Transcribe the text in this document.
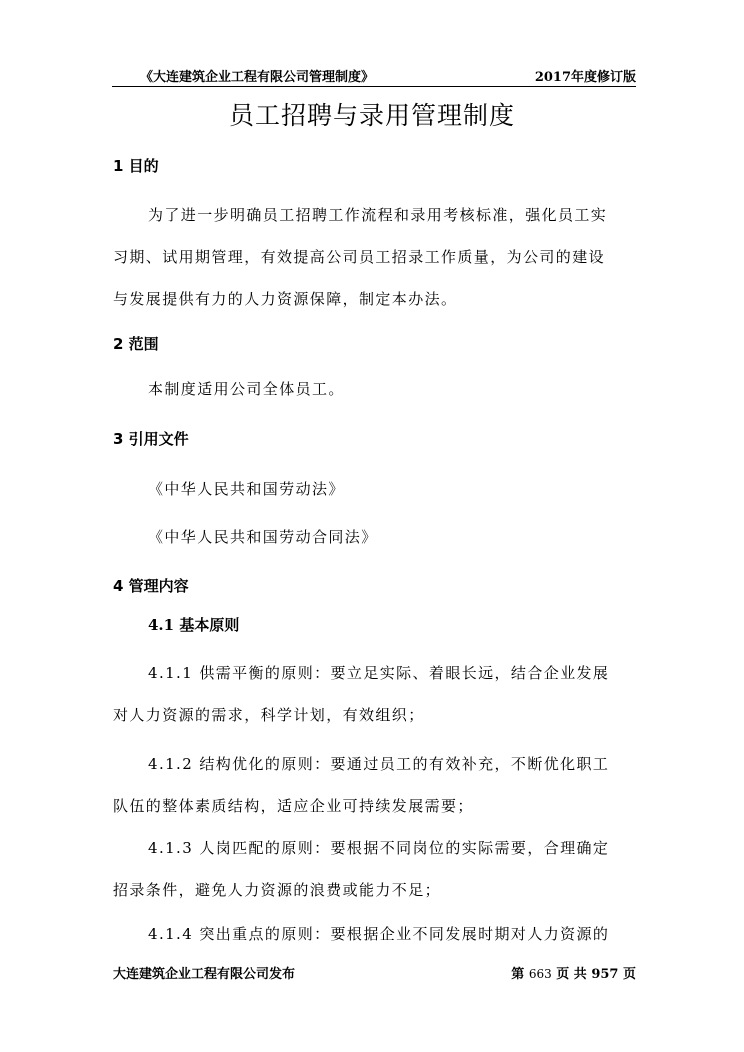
《大连建筑企业工程有限公司管理制度》	2017年度修订版
员工招聘与录用管理制度
1 目的
为了进一步明确员工招聘工作流程和录用考核标准，强化员工实
习期、试用期管理，有效提高公司员工招录工作质量，为公司的建设
与发展提供有力的人力资源保障，制定本办法。
2 范围
本制度适用公司全体员工。
3 引用文件
《中华人民共和国劳动法》
《中华人民共和国劳动合同法》
4 管理内容
4.1 基本原则
4.1.1 供需平衡的原则：要立足实际、着眼长远，结合企业发展
对人力资源的需求，科学计划，有效组织；
4.1.2 结构优化的原则：要通过员工的有效补充，不断优化职工
队伍的整体素质结构，适应企业可持续发展需要；
4.1.3 人岗匹配的原则：要根据不同岗位的实际需要，合理确定
招录条件，避免人力资源的浪费或能力不足；
4.1.4 突出重点的原则：要根据企业不同发展时期对人力资源的
大连建筑企业工程有限公司发布	第 663 页 共 957 页
